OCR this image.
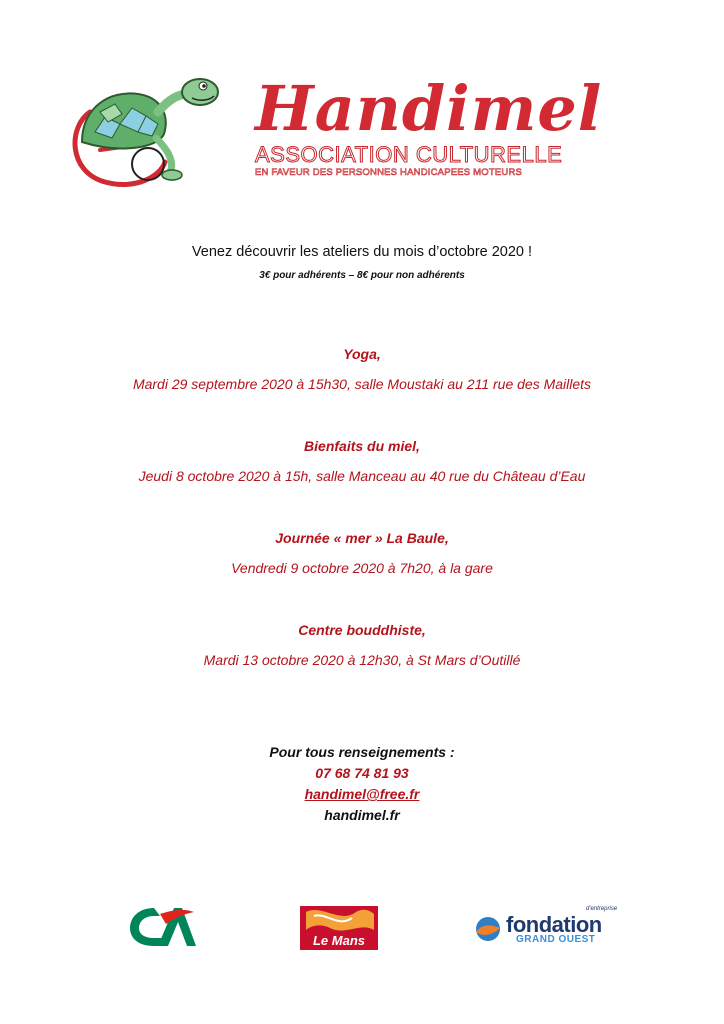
Handimel
ASSOCIATION CULTURELLE
EN FAVEUR DES PERSONNES HANDICAPEES MOTEURS
Venez découvrir les ateliers du mois d’octobre 2020 !
3€ pour adhérents – 8€ pour non adhérents
Yoga,
Mardi 29 septembre 2020 à 15h30, salle Moustaki au 211 rue des Maillets
Bienfaits du miel,
Jeudi 8 octobre 2020 à 15h, salle Manceau au 40 rue du Château d’Eau
Journée « mer » La Baule,
Vendredi 9 octobre 2020 à 7h20, à la gare
Centre bouddhiste,
Mardi 13 octobre 2020 à 12h30, à St Mars d’Outillé
Pour tous renseignements :
07 68 74 81 93
handimel@free.fr
handimel.fr
Le Mans
fondation
d'entreprise
GRAND OUEST
